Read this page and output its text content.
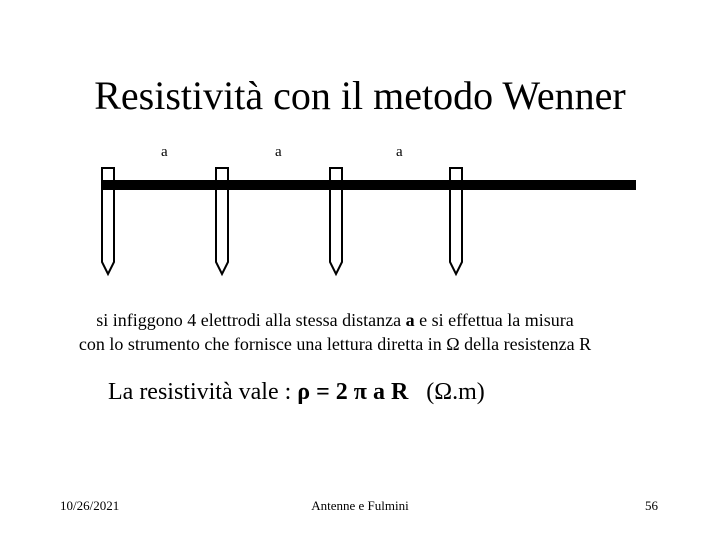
Resistività con il metodo Wenner
a	a	a
si infiggono 4 elettrodi alla stessa distanza a e si effettua la misura
con lo strumento che fornisce una lettura diretta in Ω della resistenza R
La resistività vale : ρ = 2 π a R (Ω.m)
10/26/2021	Antenne e Fulmini	56
